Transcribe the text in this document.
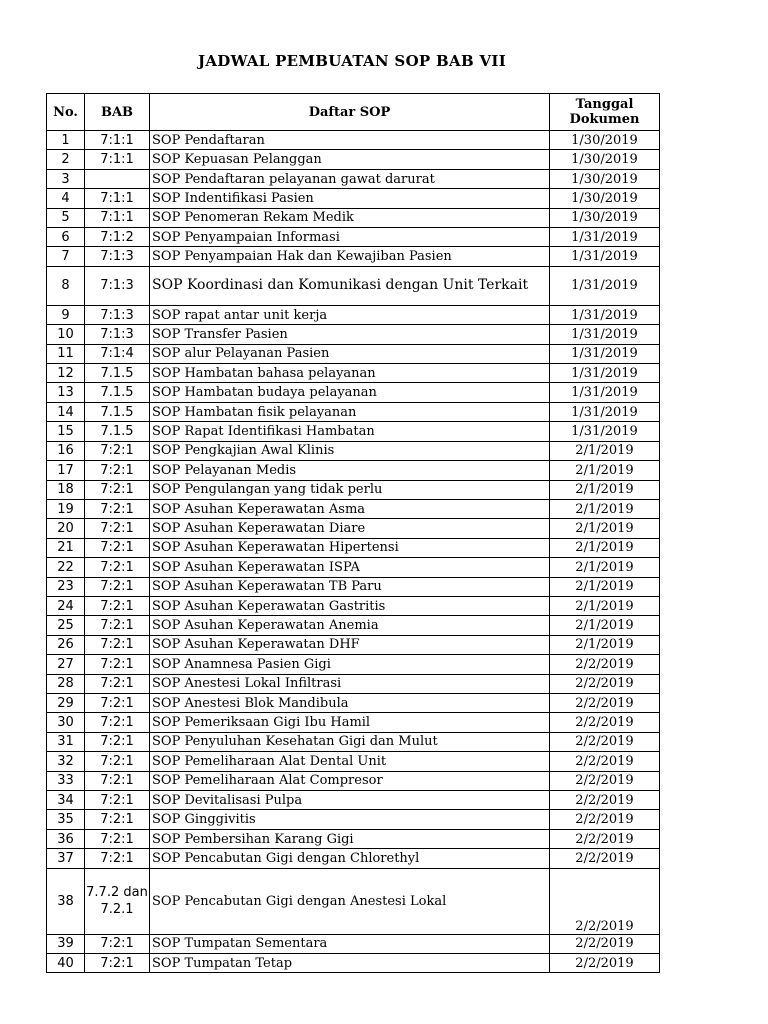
JADWAL PEMBUATAN SOP BAB VII
No.	BAB	Daftar SOP	Tanggal Dokumen
1	7:1:1	SOP Pendaftaran	1/30/2019
2	7:1:1	SOP Kepuasan Pelanggan	1/30/2019
3		SOP Pendaftaran pelayanan gawat darurat	1/30/2019
4	7:1:1	SOP Indentifikasi Pasien	1/30/2019
5	7:1:1	SOP Penomeran Rekam Medik	1/30/2019
6	7:1:2	SOP Penyampaian Informasi	1/31/2019
7	7:1:3	SOP Penyampaian Hak dan Kewajiban Pasien	1/31/2019
8	7:1:3	SOP Koordinasi dan Komunikasi dengan Unit Terkait	1/31/2019
9	7:1:3	SOP rapat antar unit kerja	1/31/2019
10	7:1:3	SOP Transfer Pasien	1/31/2019
11	7:1:4	SOP alur Pelayanan Pasien	1/31/2019
12	7.1.5	SOP Hambatan bahasa pelayanan	1/31/2019
13	7.1.5	SOP Hambatan budaya pelayanan	1/31/2019
14	7.1.5	SOP Hambatan fisik pelayanan	1/31/2019
15	7.1.5	SOP Rapat Identifikasi Hambatan	1/31/2019
16	7:2:1	SOP Pengkajian Awal Klinis	2/1/2019
17	7:2:1	SOP Pelayanan Medis	2/1/2019
18	7:2:1	SOP Pengulangan yang tidak perlu	2/1/2019
19	7:2:1	SOP Asuhan Keperawatan Asma	2/1/2019
20	7:2:1	SOP Asuhan Keperawatan Diare	2/1/2019
21	7:2:1	SOP Asuhan Keperawatan Hipertensi	2/1/2019
22	7:2:1	SOP Asuhan Keperawatan ISPA	2/1/2019
23	7:2:1	SOP Asuhan Keperawatan TB Paru	2/1/2019
24	7:2:1	SOP Asuhan Keperawatan Gastritis	2/1/2019
25	7:2:1	SOP Asuhan Keperawatan Anemia	2/1/2019
26	7:2:1	SOP Asuhan Keperawatan DHF	2/1/2019
27	7:2:1	SOP Anamnesa Pasien Gigi	2/2/2019
28	7:2:1	SOP Anestesi Lokal Infiltrasi	2/2/2019
29	7:2:1	SOP Anestesi Blok Mandibula	2/2/2019
30	7:2:1	SOP Pemeriksaan Gigi Ibu Hamil	2/2/2019
31	7:2:1	SOP Penyuluhan Kesehatan Gigi dan Mulut	2/2/2019
32	7:2:1	SOP Pemeliharaan Alat Dental Unit	2/2/2019
33	7:2:1	SOP Pemeliharaan Alat Compresor	2/2/2019
34	7:2:1	SOP Devitalisasi Pulpa	2/2/2019
35	7:2:1	SOP Ginggivitis	2/2/2019
36	7:2:1	SOP Pembersihan Karang Gigi	2/2/2019
37	7:2:1	SOP Pencabutan Gigi dengan Chlorethyl	2/2/2019
38	7.7.2 dan 7.2.1	SOP Pencabutan Gigi dengan Anestesi Lokal	2/2/2019
39	7:2:1	SOP Tumpatan Sementara	2/2/2019
40	7:2:1	SOP Tumpatan Tetap	2/2/2019
